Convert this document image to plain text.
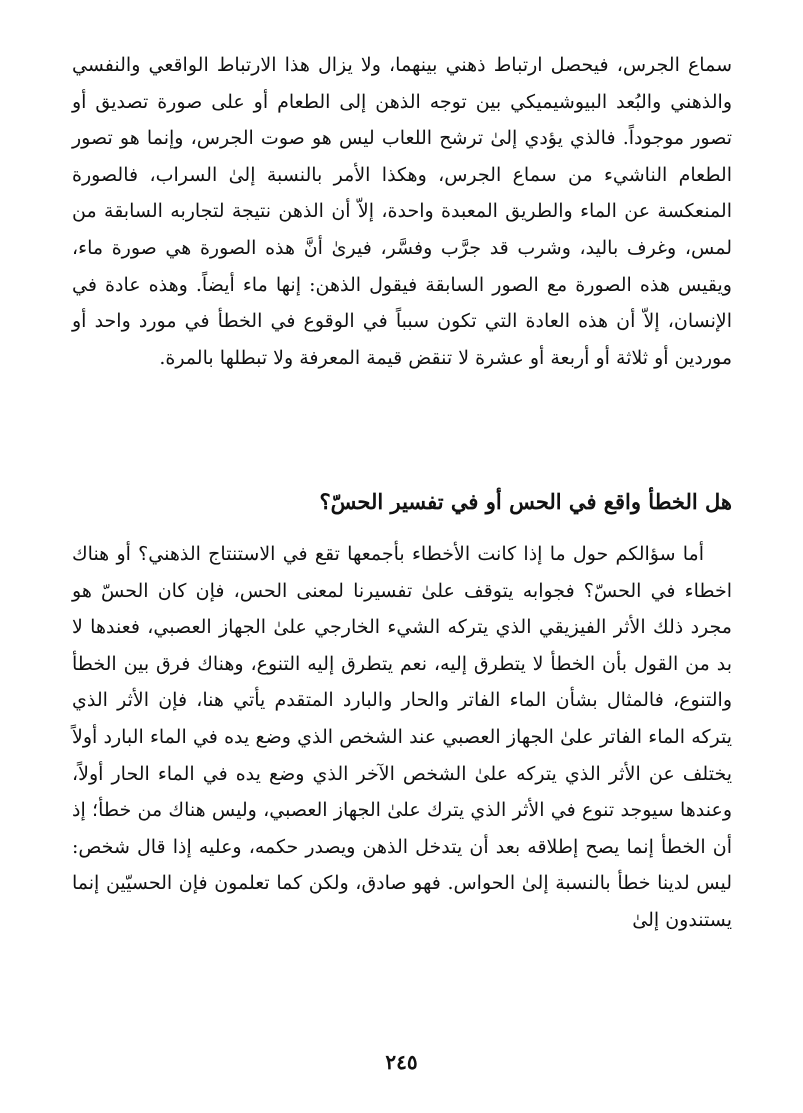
سماع الجرس، فيحصل ارتباط ذهني بينهما، ولا يزال هذا الارتباط الواقعي والنفسي والذهني والبُعد البيوشيميكي بين توجه الذهن إلى الطعام أو على صورة تصديق أو تصور موجوداً. فالذي يؤدي إلىٰ ترشح اللعاب ليس هو صوت الجرس، وإنما هو تصور الطعام الناشيء من سماع الجرس، وهكذا الأمر بالنسبة إلىٰ السراب، فالصورة المنعكسة عن الماء والطريق المعبدة واحدة، إلاّ أن الذهن نتيجة لتجاربه السابقة من لمس، وغرف باليد، وشرب قد جرَّب وفسَّر، فيرىٰ أنَّ هذه الصورة هي صورة ماء، ويقيس هذه الصورة مع الصور السابقة فيقول الذهن: إنها ماء أيضاً. وهذه عادة في الإنسان، إلاّ أن هذه العادة التي تكون سبباً في الوقوع في الخطأ في مورد واحد أو موردين أو ثلاثة أو أربعة أو عشرة لا تنقض قيمة المعرفة ولا تبطلها بالمرة.

هل الخطأ واقع في الحس أو في تفسير الحسّ؟

أما سؤالكم حول ما إذا كانت الأخطاء بأجمعها تقع في الاستنتاج الذهني؟ أو هناك اخطاء في الحسّ؟ فجوابه يتوقف علىٰ تفسيرنا لمعنى الحس، فإن كان الحسّ هو مجرد ذلك الأثر الفيزيقي الذي يتركه الشيء الخارجي علىٰ الجهاز العصبي، فعندها لا بد من القول بأن الخطأ لا يتطرق إليه، نعم يتطرق إليه التنوع، وهناك فرق بين الخطأ والتنوع، فالمثال بشأن الماء الفاتر والحار والبارد المتقدم يأتي هنا، فإن الأثر الذي يتركه الماء الفاتر علىٰ الجهاز العصبي عند الشخص الذي وضع يده في الماء البارد أولاً يختلف عن الأثر الذي يتركه علىٰ الشخص الآخر الذي وضع يده في الماء الحار أولاً، وعندها سيوجد تنوع في الأثر الذي يترك علىٰ الجهاز العصبي، وليس هناك من خطأ؛ إذ أن الخطأ إنما يصح إطلاقه بعد أن يتدخل الذهن ويصدر حكمه، وعليه إذا قال شخص: ليس لدينا خطأ بالنسبة إلىٰ الحواس. فهو صادق، ولكن كما تعلمون فإن الحسيّين إنما يستندون إلىٰ

٢٤٥
